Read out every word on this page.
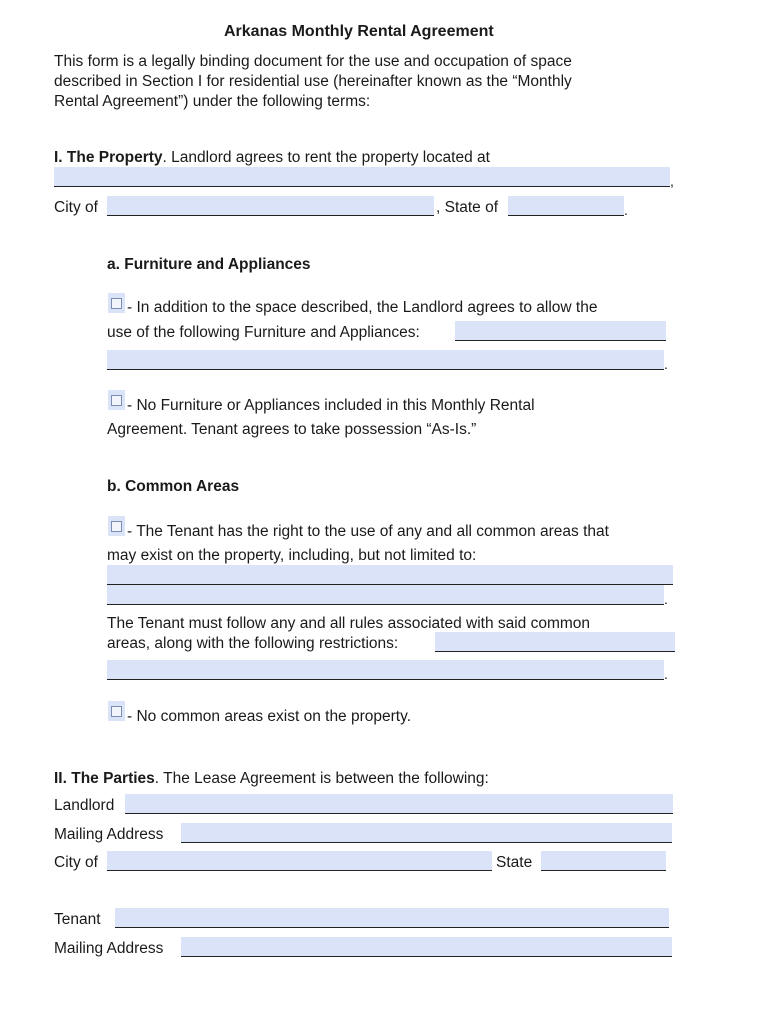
Arkanas Monthly Rental Agreement
This form is a legally binding document for the use and occupation of space
described in Section I for residential use (hereinafter known as the “Monthly
Rental Agreement”) under the following terms:
I. The Property. Landlord agrees to rent the property located at
,
City of	, State of	.
a. Furniture and Appliances
- In addition to the space described, the Landlord agrees to allow the
use of the following Furniture and Appliances:
.
- No Furniture or Appliances included in this Monthly Rental
Agreement. Tenant agrees to take possession “As-Is.”
b. Common Areas
- The Tenant has the right to the use of any and all common areas that
may exist on the property, including, but not limited to:
.
The Tenant must follow any and all rules associated with said common
areas, along with the following restrictions:
.
- No common areas exist on the property.
II. The Parties. The Lease Agreement is between the following:
Landlord
Mailing Address
City of	State
Tenant
Mailing Address
